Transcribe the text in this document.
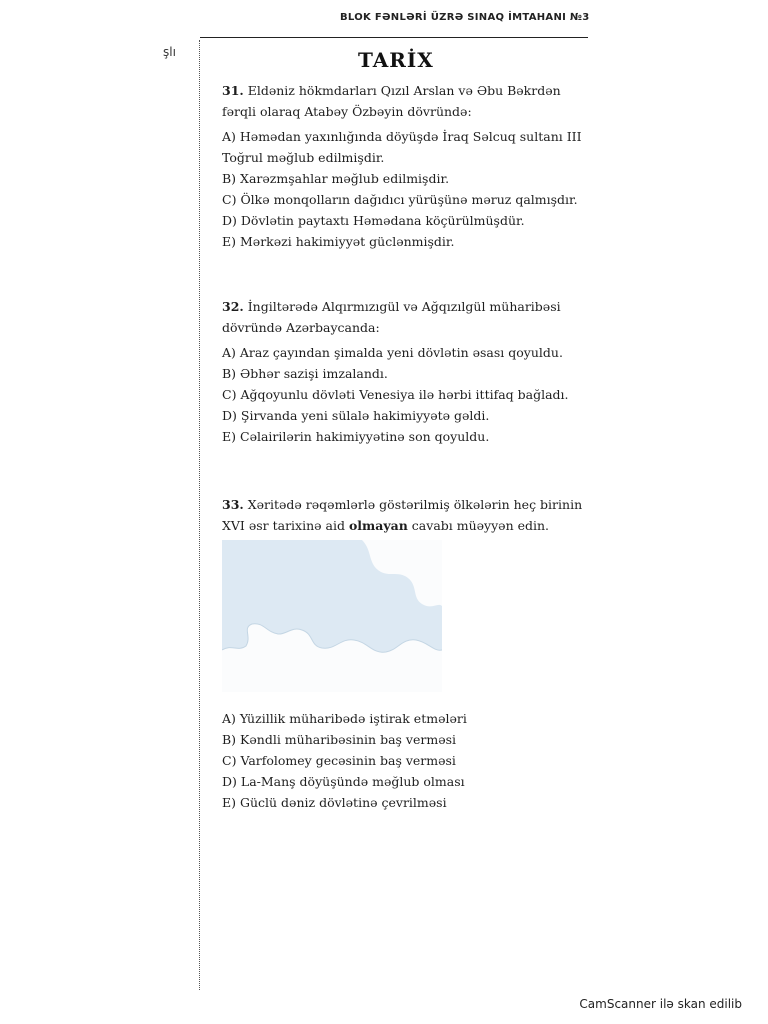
BLOK FƏNLƏRİ ÜZRƏ SINAQ İMTAHANI №3
şlı	TARİX

31. Eldəniz hökmdarları Qızıl Arslan və Əbu Bəkrdən

fərqli olaraq Atabəy Özbəyin dövründə:

A) Həmədan yaxınlığında döyüşdə İraq Səlcuq sultanı III
Toğrul məğlub edilmişdir.
B) Xarəzmşahlar məğlub edilmişdir.
C) Ölkə monqolların dağıdıcı yürüşünə məruz qalmışdır.
D) Dövlətin paytaxtı Həmədana köçürülmüşdür.
E) Mərkəzi hakimiyyət güclənmişdir.

32. İngiltərədə Alqırmızıgül və Ağqızılgül müharibəsi

dövründə Azərbaycanda:

A) Araz çayından şimalda yeni dövlətin əsası qoyuldu.
B) Əbhər sazişi imzalandı.
C) Ağqoyunlu dövləti Venesiya ilə hərbi ittifaq bağladı.
D) Şirvanda yeni sülalə hakimiyyətə gəldi.
E) Cəlairilərin hakimiyyətinə son qoyuldu.

33. Xəritədə rəqəmlərlə göstərilmiş ölkələrin heç birinin

XVI əsr tarixinə aid olmayan cavabı müəyyən edin.

A) Yüzillik müharibədə iştirak etmələri
B) Kəndli müharibəsinin baş verməsi
C) Varfolomey gecəsinin baş verməsi
D) La-Manş döyüşündə məğlub olması
E) Güclü dəniz dövlətinə çevrilməsi
CamScanner ilə skan edilib
